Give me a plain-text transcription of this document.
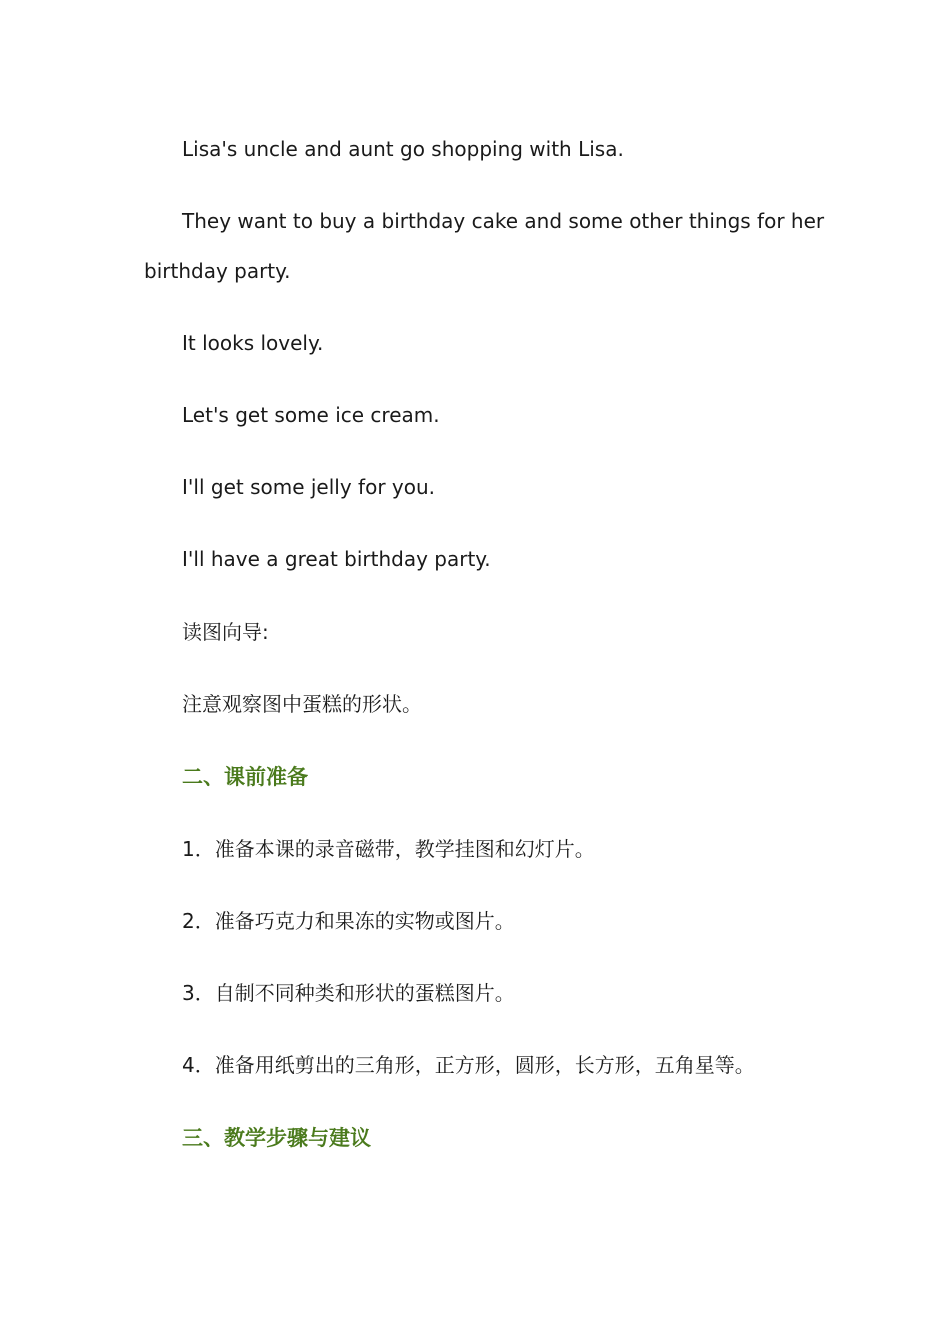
Lisa's uncle and aunt go shopping with Lisa.
They want to buy a birthday cake and some other things for her
birthday party.
It looks lovely.
Let's get some ice cream.
I'll get some jelly for you.
I'll have a great birthday party.
读图向导:
注意观察图中蛋糕的形状。
二、课前准备
1．准备本课的录音磁带，教学挂图和幻灯片。
2．准备巧克力和果冻的实物或图片。
3．自制不同种类和形状的蛋糕图片。
4．准备用纸剪出的三角形，正方形，圆形，长方形，五角星等。
三、教学步骤与建议
